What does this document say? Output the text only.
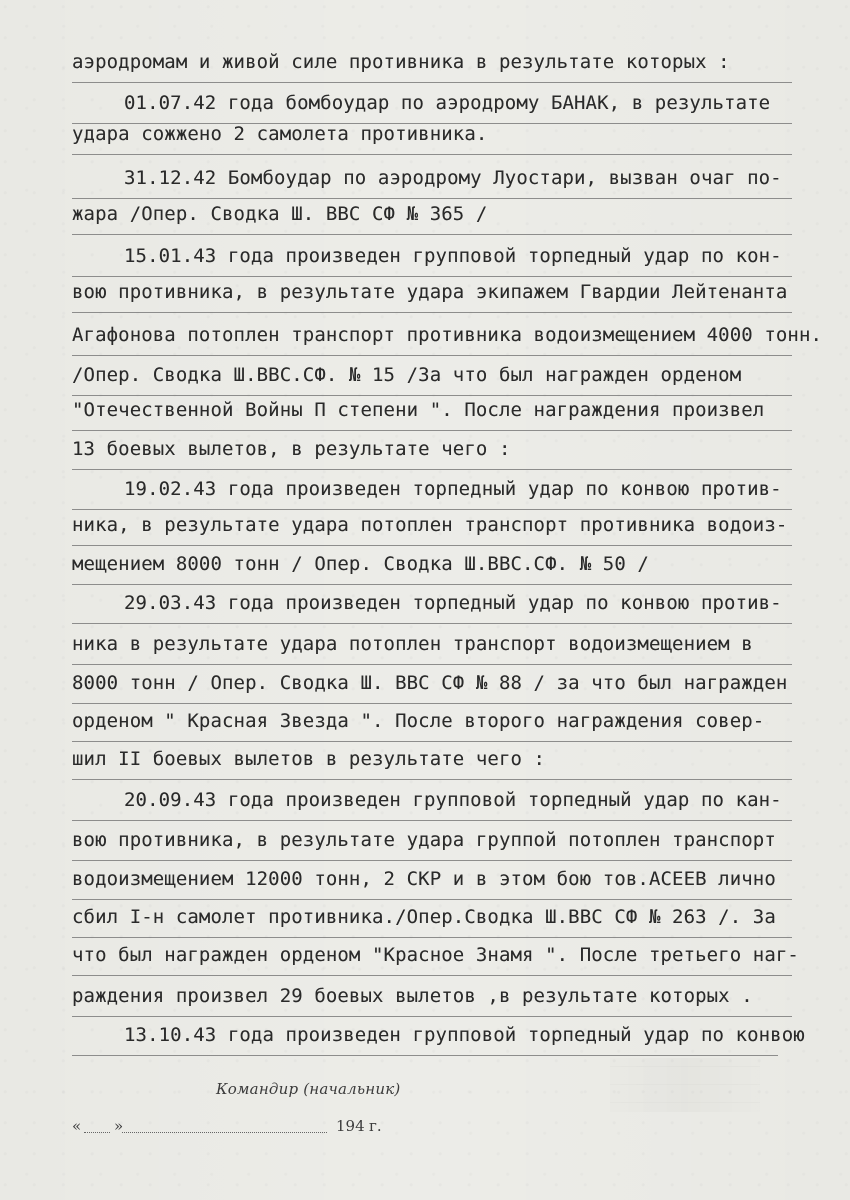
аэродромам и живой силе противника в результате которых :
01.07.42 года бомбоудар по аэродрому БАНАК, в результате
удара сожжено 2 самолета противника.
31.12.42 Бомбоудар по аэродрому Луостари, вызван очаг по-
жара /Опер. Сводка Ш. ВВС СФ № 365 /
15.01.43 года произведен групповой торпедный удар по кон-
вою противника, в результате удара экипажем Гвардии Лейтенанта
Агафонова потоплен транспорт противника водоизмещением 4000 тонн.
/Опер. Сводка Ш.ВВС.СФ. № 15 /За что был награжден орденом
"Отечественной Войны П степени ". После награждения произвел
13 боевых вылетов, в результате чего :
19.02.43 года произведен торпедный удар по конвою против-
ника, в результате удара потоплен транспорт противника водоиз-
мещением 8000 тонн / Опер. Сводка Ш.ВВС.СФ. № 50 /
29.03.43 года произведен торпедный удар по конвою против-
ника в результате удара потоплен транспорт водоизмещением в
8000 тонн / Опер. Сводка Ш. ВВС СФ № 88 / за что был награжден
орденом " Красная Звезда ". После второго награждения совер-
шил II боевых вылетов в результате чего :
20.09.43 года произведен групповой торпедный удар по кан-
вою противника, в результате удара группой потоплен транспорт
водоизмещением 12000 тонн, 2 СКР и в этом бою тов.АСЕЕВ лично
сбил I-н самолет противника./Опер.Сводка Ш.ВВС СФ № 263 /. За
что был награжден орденом "Красное Знамя ". После третьего наг-
раждения произвел 29 боевых вылетов ,в результате которых .
13.10.43 года произведен групповой торпедный удар по конвою
Командир (начальник)
« »	194 г.
